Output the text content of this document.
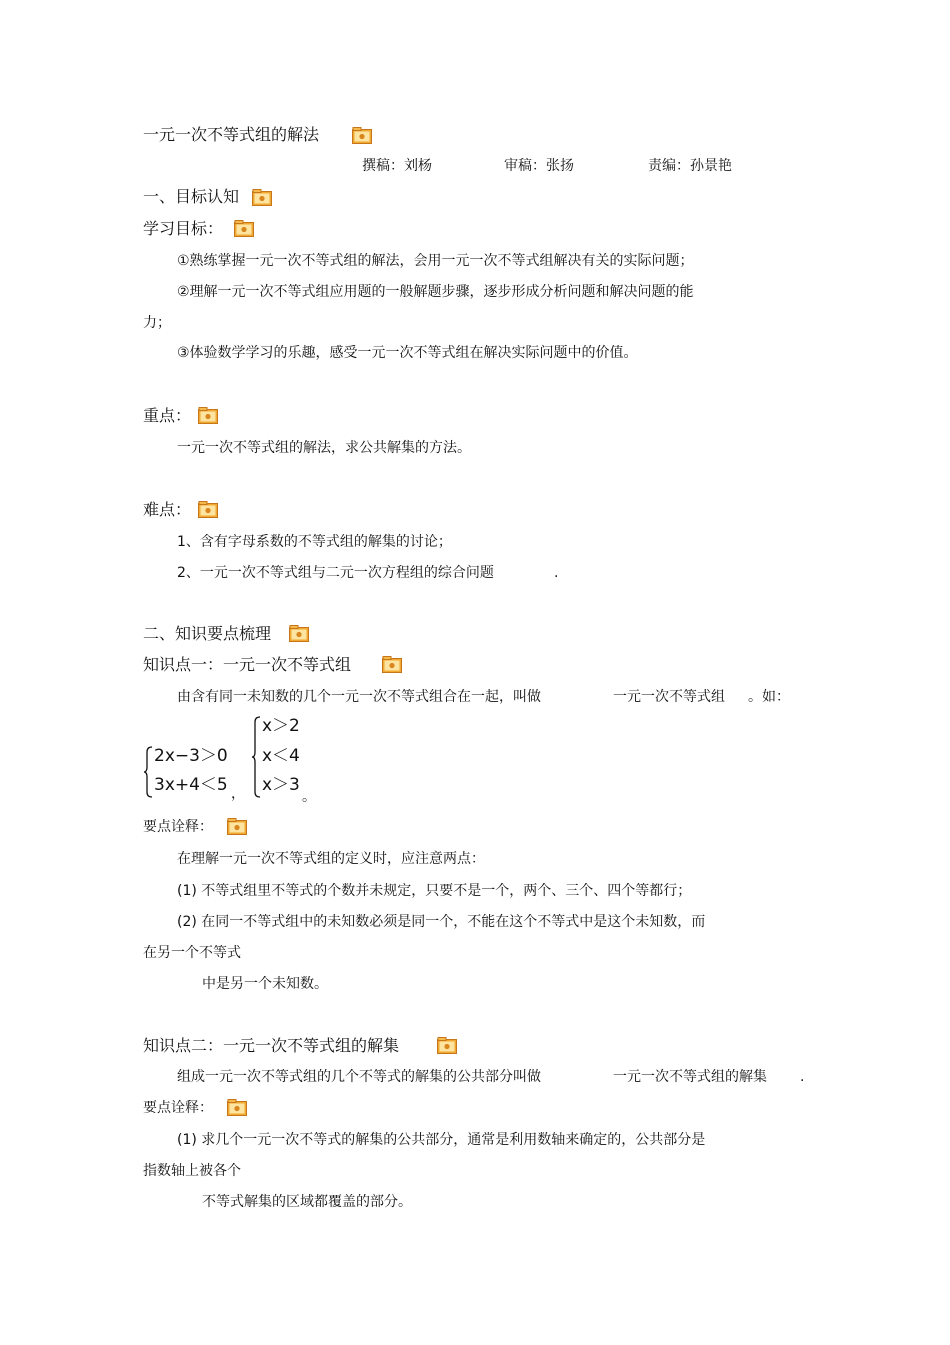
一元一次不等式组的解法
撰稿：刘杨	审稿：张扬	责编：孙景艳
一、目标认知
学习目标：
①熟练掌握一元一次不等式组的解法，会用一元一次不等式组解决有关的实际问题；
②理解一元一次不等式组应用题的一般解题步骤，逐步形成分析问题和解决问题的能
力；
③体验数学学习的乐趣，感受一元一次不等式组在解决实际问题中的价值。
重点：
一元一次不等式组的解法，求公共解集的方法。
难点：
1、含有字母系数的不等式组的解集的讨论；
2、一元一次不等式组与二元一次方程组的综合问题	.
二、知识要点梳理
知识点一：一元一次不等式组
由含有同一未知数的几个一元一次不等式组合在一起，叫做	一元一次不等式组 。如：
2x−3＞0
3x+4＜5 ，
x＞2
x＜4
x＞3
。
要点诠释：
在理解一元一次不等式组的定义时，应注意两点：
(1) 不等式组里不等式的个数并未规定，只要不是一个，两个、三个、四个等都行；
(2) 在同一不等式组中的未知数必须是同一个，不能在这个不等式中是这个未知数，而
在另一个不等式
中是另一个未知数。
知识点二：一元一次不等式组的解集
组成一元一次不等式组的几个不等式的解集的公共部分叫做	一元一次不等式组的解集 .
要点诠释：
(1) 求几个一元一次不等式的解集的公共部分，通常是利用数轴来确定的，公共部分是
指数轴上被各个
不等式解集的区域都覆盖的部分。
